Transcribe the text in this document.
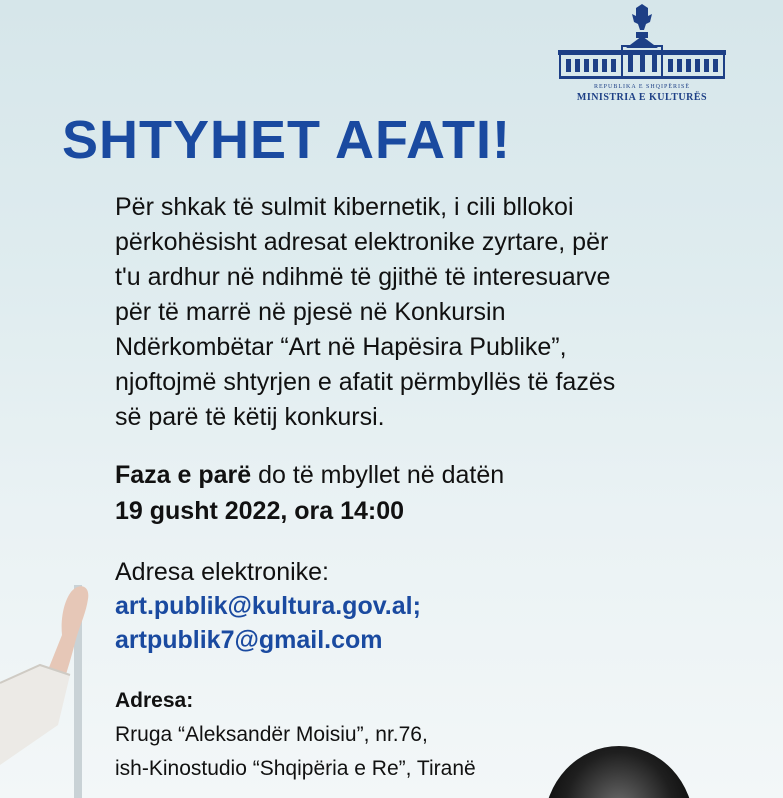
REPUBLIKA E SHQIPËRISË
MINISTRIA E KULTURËS
SHTYHET AFATI!
Për shkak të sulmit kibernetik, i cili bllokoi
përkohësisht adresat elektronike zyrtare, për
t'u ardhur në ndihmë të gjithë të interesuarve
për të marrë në pjesë në Konkursin
Ndërkombëtar “Art në Hapësira Publike”,
njoftojmë shtyrjen e afatit përmbyllës të fazës
së parë të këtij konkursi.
Faza e parë do të mbyllet në datën
19 gusht 2022, ora 14:00
Adresa elektronike:
art.publik@kultura.gov.al;
artpublik7@gmail.com
Adresa:
Rruga “Aleksandër Moisiu”, nr.76,
ish-Kinostudio “Shqipëria e Re”, Tiranë
